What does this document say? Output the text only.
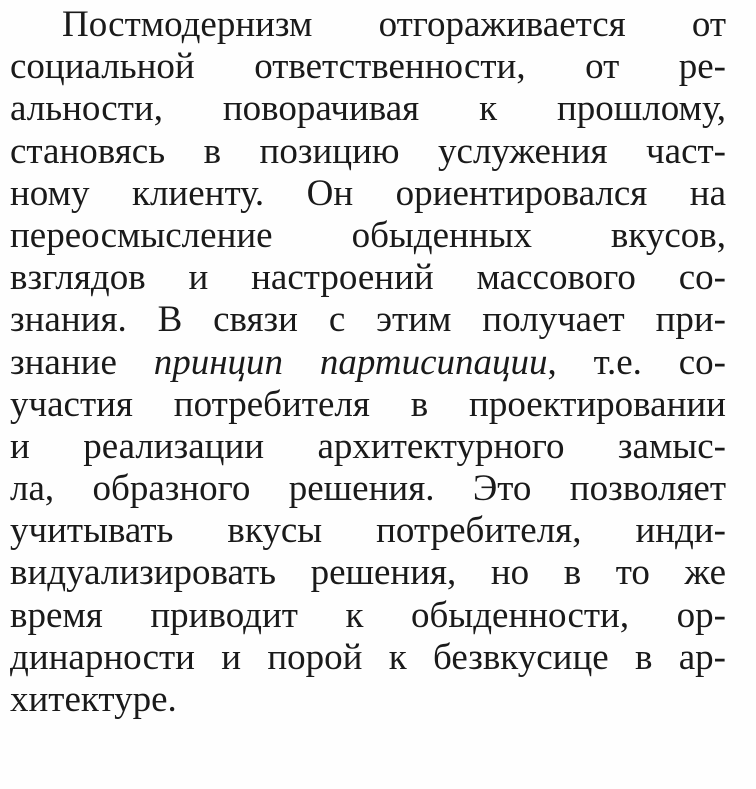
Постмодернизм отгораживается от
социальной ответственности, от ре-
альности, поворачивая к прошлому,
становясь в позицию услужения част-
ному клиенту. Он ориентировался на
переосмысление обыденных вкусов,
взглядов и настроений массового со-
знания. В связи с этим получает при-
знание принцип партисипации, т.е. со-
участия потребителя в проектировании
и реализации архитектурного замыс-
ла, образного решения. Это позволяет
учитывать вкусы потребителя, инди-
видуализировать решения, но в то же
время приводит к обыденности, ор-
динарности и порой к безвкусице в ар-
хитектуре.
